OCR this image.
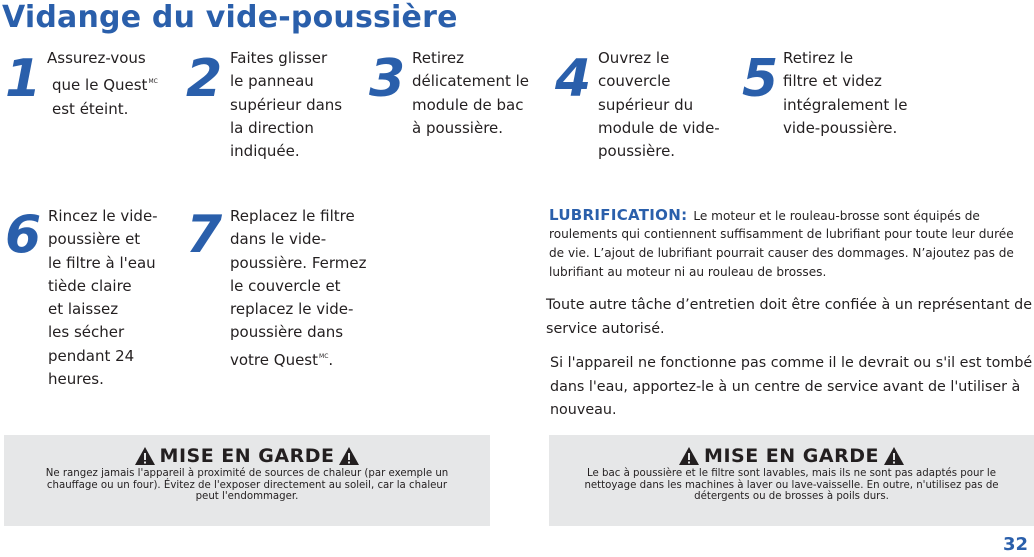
Vidange du vide-poussière
1 Assurez-vous
que le Quest$^{MC}$
est éteint.	2 Faites glisser
le panneau
supérieur dans
la direction
indiquée.
3 Retirez
délicatement le
module de bac
à poussière.
4 Ouvrez le
couvercle
supérieur du
module de vide-
poussière.
5 Retirez le
filtre et videz
intégralement le
vide-poussière.
6 Rincez le vide-
poussière et
le filtre à l'eau
tiède claire
et laissez
les sécher
pendant 24
heures.
7 Replacez le filtre
dans le vide-
poussière. Fermez
le couvercle et
replacez le vide-
poussière dans
votre Quest$^{MC}$.
LUBRIFICATION: Le moteur et le rouleau-brosse sont équipés de
roulements qui contiennent suffisamment de lubrifiant pour toute leur durée
de vie. L’ajout de lubrifiant pourrait causer des dommages. N’ajoutez pas de
lubrifiant au moteur ni au rouleau de brosses.
Toute autre tâche d’entretien doit être confiée à un représentant de
service autorisé.
Si l'appareil ne fonctionne pas comme il le devrait ou s'il est tombé
dans l'eau, apportez-le à un centre de service avant de l'utiliser à
nouveau.
MISE EN GARDE
Ne rangez jamais l'appareil à proximité de sources de chaleur (par exemple un
chauffage ou un four). Évitez de l'exposer directement au soleil, car la chaleur
peut l'endommager.
MISE EN GARDE
Le bac à poussière et le filtre sont lavables, mais ils ne sont pas adaptés pour le
nettoyage dans les machines à laver ou lave-vaisselle. En outre, n'utilisez pas de
détergents ou de brosses à poils durs.
32
